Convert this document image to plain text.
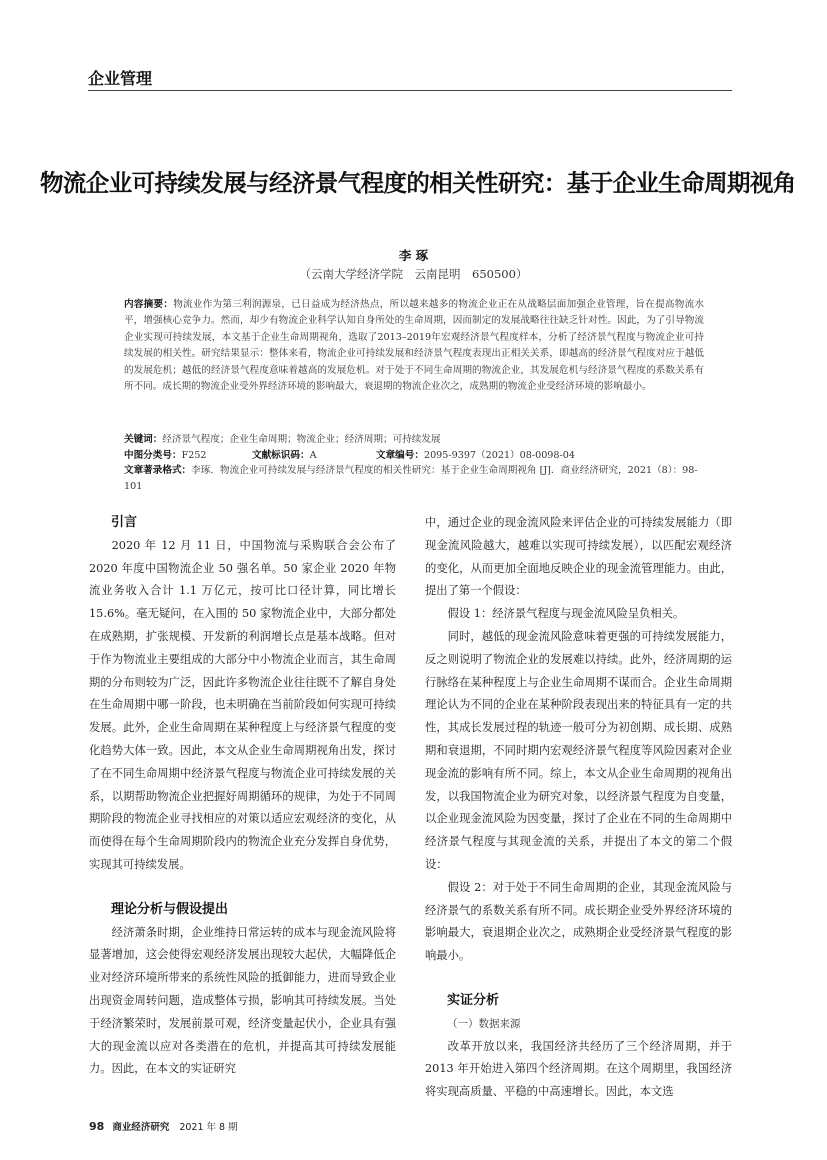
企业管理
物流企业可持续发展与经济景气程度的相关性研究：基于企业生命周期视角
李 琢
（云南大学经济学院　云南昆明　650500）
内容摘要：物流业作为第三利润源泉，已日益成为经济热点，所以越来越多的物流企业正在从战略层面加强企业管理，旨在提高物流水平，增强核心竞争力。然而，却少有物流企业科学认知自身所处的生命周期，因而制定的发展战略往往缺乏针对性。因此，为了引导物流企业实现可持续发展，本文基于企业生命周期视角，选取了2013–2019年宏观经济景气程度样本，分析了经济景气程度与物流企业可持续发展的相关性。研究结果显示：整体来看，物流企业可持续发展和经济景气程度表现出正相关关系，即越高的经济景气程度对应于越低的发展危机；越低的经济景气程度意味着越高的发展危机。对于处于不同生命周期的物流企业，其发展危机与经济景气程度的系数关系有所不同。成长期的物流企业受外界经济环境的影响最大，衰退期的物流企业次之，成熟期的物流企业受经济环境的影响最小。
关键词：经济景气程度；企业生命周期；物流企业；经济周期；可持续发展
中图分类号：F252	文献标识码：A	文章编号：2095-9397（2021）08-0098-04
文章著录格式：李琢．物流企业可持续发展与经济景气程度的相关性研究：基于企业生命周期视角 [J]．商业经济研究，2021（8）：98-101
引言

2020 年 12 月 11 日，中国物流与采购联合会公布了 2020 年度中国物流企业 50 强名单。50 家企业 2020 年物流业务收入合计 1.1 万亿元，按可比口径计算，同比增长 15.6%。毫无疑问，在入围的 50 家物流企业中，大部分都处在成熟期，扩张规模、开发新的利润增长点是基本战略。但对于作为物流业主要组成的大部分中小物流企业而言，其生命周期的分布则较为广泛，因此许多物流企业往往既不了解自身处在生命周期中哪一阶段，也未明确在当前阶段如何实现可持续发展。此外，企业生命周期在某种程度上与经济景气程度的变化趋势大体一致。因此，本文从企业生命周期视角出发，探讨了在不同生命周期中经济景气程度与物流企业可持续发展的关系，以期帮助物流企业把握好周期循环的规律，为处于不同周期阶段的物流企业寻找相应的对策以适应宏观经济的变化，从而使得在每个生命周期阶段内的物流企业充分发挥自身优势，实现其可持续发展。

理论分析与假设提出

经济萧条时期，企业维持日常运转的成本与现金流风险将显著增加，这会使得宏观经济发展出现较大起伏，大幅降低企业对经济环境所带来的系统性风险的抵御能力，进而导致企业出现资金周转问题，造成整体亏损，影响其可持续发展。当处于经济繁荣时，发展前景可观，经济变量起伏小，企业具有强大的现金流以应对各类潜在的危机，并提高其可持续发展能力。因此，在本文的实证研究

中，通过企业的现金流风险来评估企业的可持续发展能力（即现金流风险越大，越难以实现可持续发展），以匹配宏观经济的变化，从而更加全面地反映企业的现金流管理能力。由此，提出了第一个假设：

假设 1：经济景气程度与现金流风险呈负相关。

同时，越低的现金流风险意味着更强的可持续发展能力，反之则说明了物流企业的发展难以持续。此外，经济周期的运行脉络在某种程度上与企业生命周期不谋而合。企业生命周期理论认为不同的企业在某种阶段表现出来的特征具有一定的共性，其成长发展过程的轨迹一般可分为初创期、成长期、成熟期和衰退期，不同时期内宏观经济景气程度等风险因素对企业现金流的影响有所不同。综上，本文从企业生命周期的视角出发，以我国物流企业为研究对象，以经济景气程度为自变量，以企业现金流风险为因变量，探讨了企业在不同的生命周期中经济景气程度与其现金流的关系，并提出了本文的第二个假设：

假设 2：对于处于不同生命周期的企业，其现金流风险与经济景气的系数关系有所不同。成长期企业受外界经济环境的影响最大，衰退期企业次之，成熟期企业受经济景气程度的影响最小。

实证分析
（一）数据来源

改革开放以来，我国经济共经历了三个经济周期，并于 2013 年开始进入第四个经济周期。在这个周期里，我国经济将实现高质量、平稳的中高速增长。因此，本文选

98 商业经济研究 2021 年 8 期
